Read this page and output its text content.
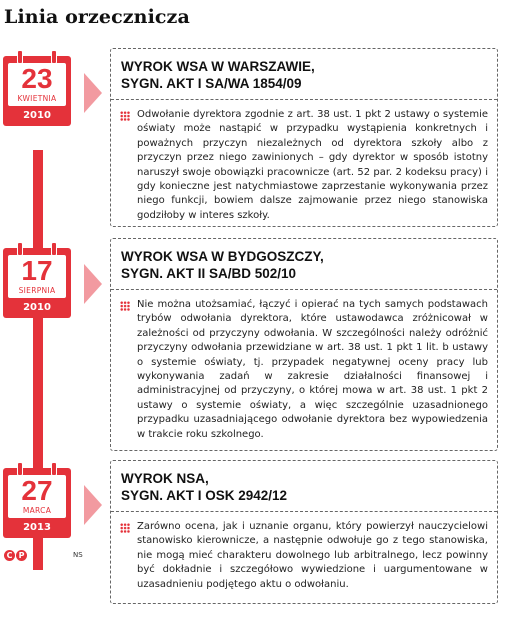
Linia orzecznicza
23
KWIETNIA
2010
WYROK WSA W WARSZAWIE,
SYGN. AKT I SA/WA 1854/09
Odwołanie dyrektora zgodnie z art. 38 ust. 1 pkt 2 ustawy o systemie oświaty może nastąpić w przypadku wystąpienia konkretnych i poważnych przyczyn niezależnych od dyrektora szkoły albo z przyczyn przez niego zawinionych – gdy dyrektor w sposób istotny naruszył swoje obowiązki pracownicze (art. 52 par. 2 kodeksu pracy) i gdy konieczne jest natychmiastowe zaprzestanie wykonywania przez niego funkcji, bowiem dalsze zajmowanie przez niego stanowiska godziłoby w interes szkoły.
17
SIERPNIA
2010
WYROK WSA W BYDGOSZCZY,
SYGN. AKT II SA/BD 502/10
Nie można utożsamiać, łączyć i opierać na tych samych podstawach trybów odwołania dyrektora, które ustawodawca zróżnicował w zależności od przyczyny odwołania. W szczególności należy odróżnić przyczyny odwołania przewidziane w art. 38 ust. 1 pkt 1 lit. b ustawy o systemie oświaty, tj. przypadek negatywnej oceny pracy lub wykonywania zadań w zakresie działalności finansowej i administracyjnej od przyczyny, o której mowa w art. 38 ust. 1 pkt 2 ustawy o systemie oświaty, a więc szczególnie uzasadnionego przypadku uzasadniającego odwołanie dyrektora bez wypowiedzenia w trakcie roku szkolnego.
27
MARCA
2013
WYROK NSA,
SYGN. AKT I OSK 2942/12
Zarówno ocena, jak i uznanie organu, który powierzył nauczycielowi stanowisko kierownicze, a następnie odwołuje go z tego stanowiska, nie mogą mieć charakteru dowolnego lub arbitralnego, lecz powinny być dokładnie i szczegółowo wywiedzione i uargumentowane w uzasadnieniu podjętego aktu o odwołaniu.
C P	NS
